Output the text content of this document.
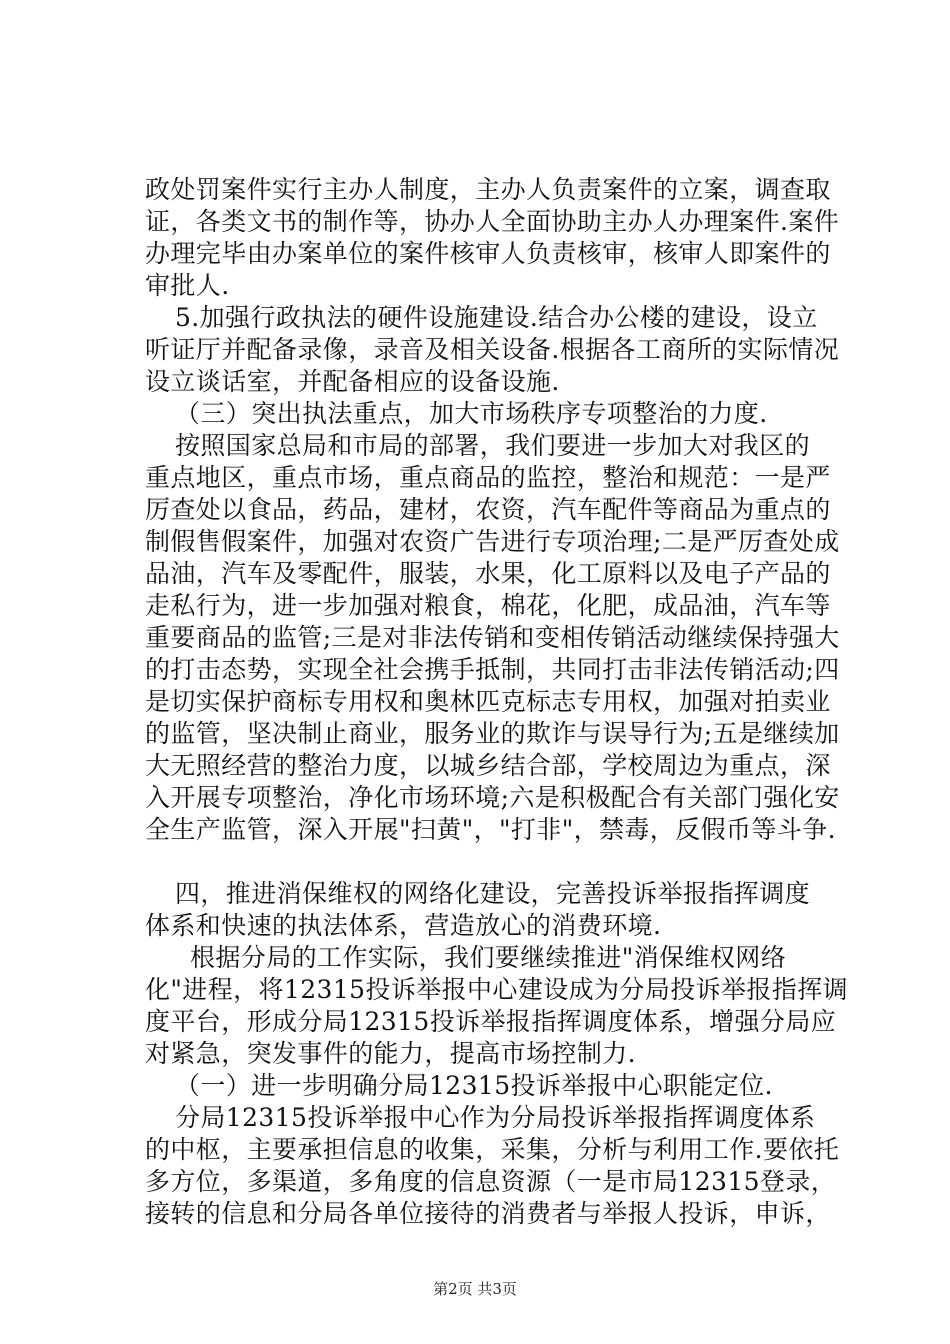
政处罚案件实行主办人制度，主办人负责案件的立案，调查取
证，各类文书的制作等，协办人全面协助主办人办理案件.案件
办理完毕由办案单位的案件核审人负责核审，核审人即案件的
审批人.
5.加强行政执法的硬件设施建设.结合办公楼的建设，设立
听证厅并配备录像，录音及相关设备.根据各工商所的实际情况
设立谈话室，并配备相应的设备设施.
（三）突出执法重点，加大市场秩序专项整治的力度.
按照国家总局和市局的部署，我们要进一步加大对我区的
重点地区，重点市场，重点商品的监控，整治和规范：一是严
厉查处以食品，药品，建材，农资，汽车配件等商品为重点的
制假售假案件，加强对农资广告进行专项治理;二是严厉查处成
品油，汽车及零配件，服装，水果，化工原料以及电子产品的
走私行为，进一步加强对粮食，棉花，化肥，成品油，汽车等
重要商品的监管;三是对非法传销和变相传销活动继续保持强大
的打击态势，实现全社会携手抵制，共同打击非法传销活动;四
是切实保护商标专用权和奥林匹克标志专用权，加强对拍卖业
的监管，坚决制止商业，服务业的欺诈与误导行为;五是继续加
大无照经营的整治力度，以城乡结合部，学校周边为重点，深
入开展专项整治，净化市场环境;六是积极配合有关部门强化安
全生产监管，深入开展"扫黄"，"打非"，禁毒，反假币等斗争.
四，推进消保维权的网络化建设，完善投诉举报指挥调度
体系和快速的执法体系，营造放心的消费环境.
根据分局的工作实际，我们要继续推进"消保维权网络
化"进程，将12315投诉举报中心建设成为分局投诉举报指挥调
度平台，形成分局12315投诉举报指挥调度体系，增强分局应
对紧急，突发事件的能力，提高市场控制力.
（一）进一步明确分局12315投诉举报中心职能定位.
分局12315投诉举报中心作为分局投诉举报指挥调度体系
的中枢，主要承担信息的收集，采集，分析与利用工作.要依托
多方位，多渠道，多角度的信息资源（一是市局12315登录，
接转的信息和分局各单位接待的消费者与举报人投诉，申诉，
第2页 共3页
